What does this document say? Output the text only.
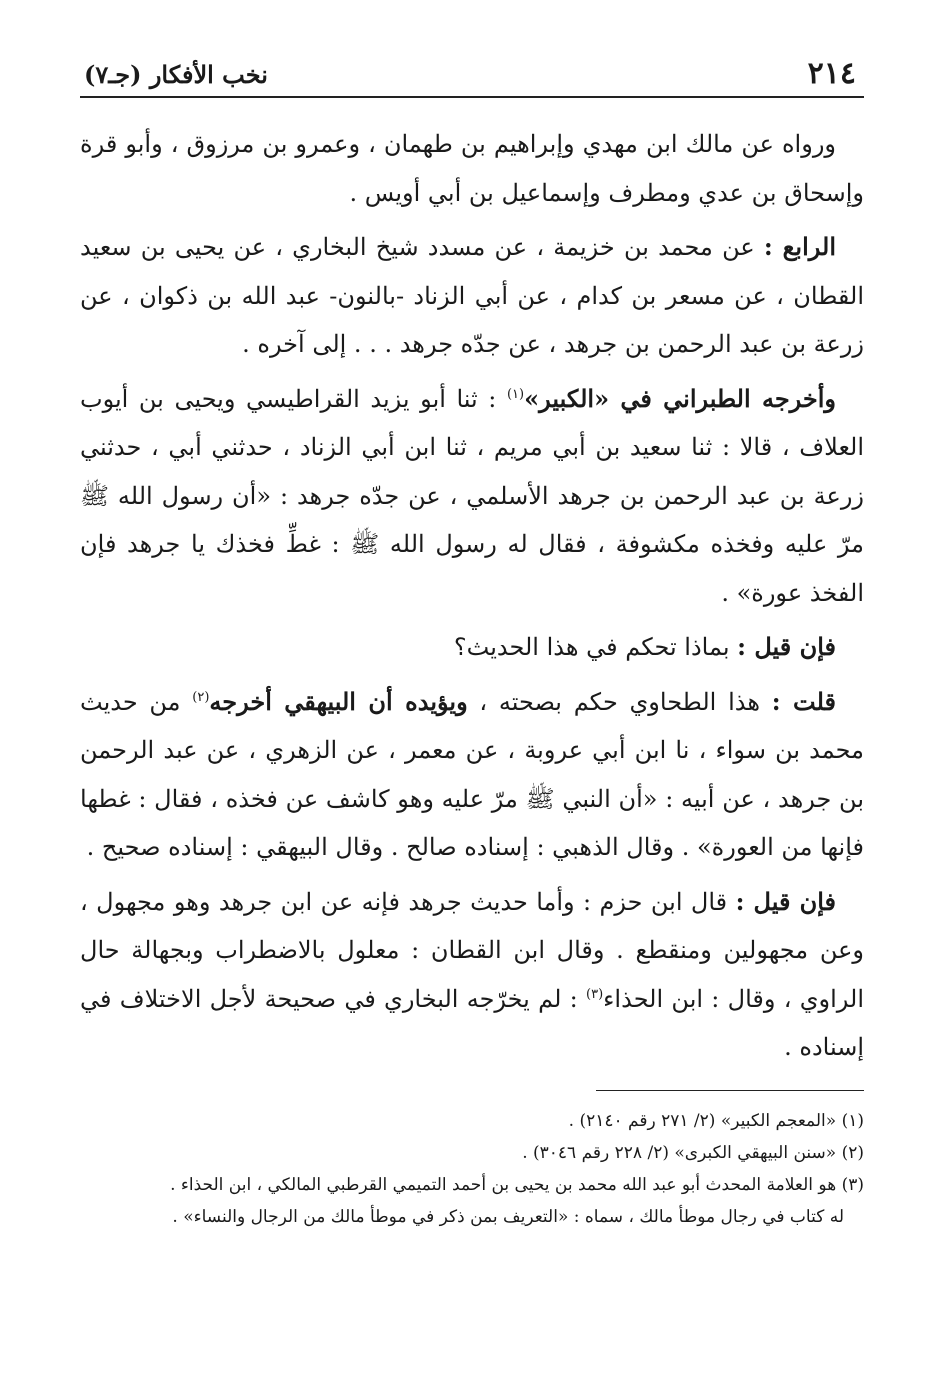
٢١٤
نخب الأفكار (جـ٧)

ورواه عن مالك ابن مهدي وإبراهيم بن طهمان ، وعمرو بن مرزوق ، وأبو قرة وإسحاق بن عدي ومطرف وإسماعيل بن أبي أويس .

الرابع : عن محمد بن خزيمة ، عن مسدد شيخ البخاري ، عن يحيى بن سعيد القطان ، عن مسعر بن كدام ، عن أبي الزناد -بالنون- عبد الله بن ذكوان ، عن زرعة بن عبد الرحمن بن جرهد ، عن جدّه جرهد . . . إلى آخره .

وأخرجه الطبراني في «الكبير»$^{(١)}$ : ثنا أبو يزيد القراطيسي ويحيى بن أيوب العلاف ، قالا : ثنا سعيد بن أبي مريم ، ثنا ابن أبي الزناد ، حدثني أبي ، حدثني زرعة بن عبد الرحمن بن جرهد الأسلمي ، عن جدّه جرهد : «أن رسول الله ﷺ مرّ عليه وفخذه مكشوفة ، فقال له رسول الله ﷺ : غطِّ فخذك يا جرهد فإن الفخذ عورة» .

فإن قيل : بماذا تحكم في هذا الحديث؟

قلت : هذا الطحاوي حكم بصحته ، ويؤيده أن البيهقي أخرجه$^{(٢)}$ من حديث محمد بن سواء ، نا ابن أبي عروبة ، عن معمر ، عن الزهري ، عن عبد الرحمن بن جرهد ، عن أبيه : «أن النبي ﷺ مرّ عليه وهو كاشف عن فخذه ، فقال : غطها فإنها من العورة» . وقال الذهبي : إسناده صالح . وقال البيهقي : إسناده صحيح .

فإن قيل : قال ابن حزم : وأما حديث جرهد فإنه عن ابن جرهد وهو مجهول ، وعن مجهولين ومنقطع . وقال ابن القطان : معلول بالاضطراب وبجهالة حال الراوي ، وقال : ابن الحذاء$^{(٣)}$ : لم يخرّجه البخاري في صحيحة لأجل الاختلاف في إسناده .

(١) «المعجم الكبير» (٢/ ٢٧١ رقم ٢١٤٠) .

(٢) «سنن البيهقي الكبرى» (٢/ ٢٢٨ رقم ٣٠٤٦) .

(٣) هو العلامة المحدث أبو عبد الله محمد بن يحيى بن أحمد التميمي القرطبي المالكي ، ابن الحذاء .

له كتاب في رجال موطأ مالك ، سماه : «التعريف بمن ذكر في موطأ مالك من الرجال والنساء» .
